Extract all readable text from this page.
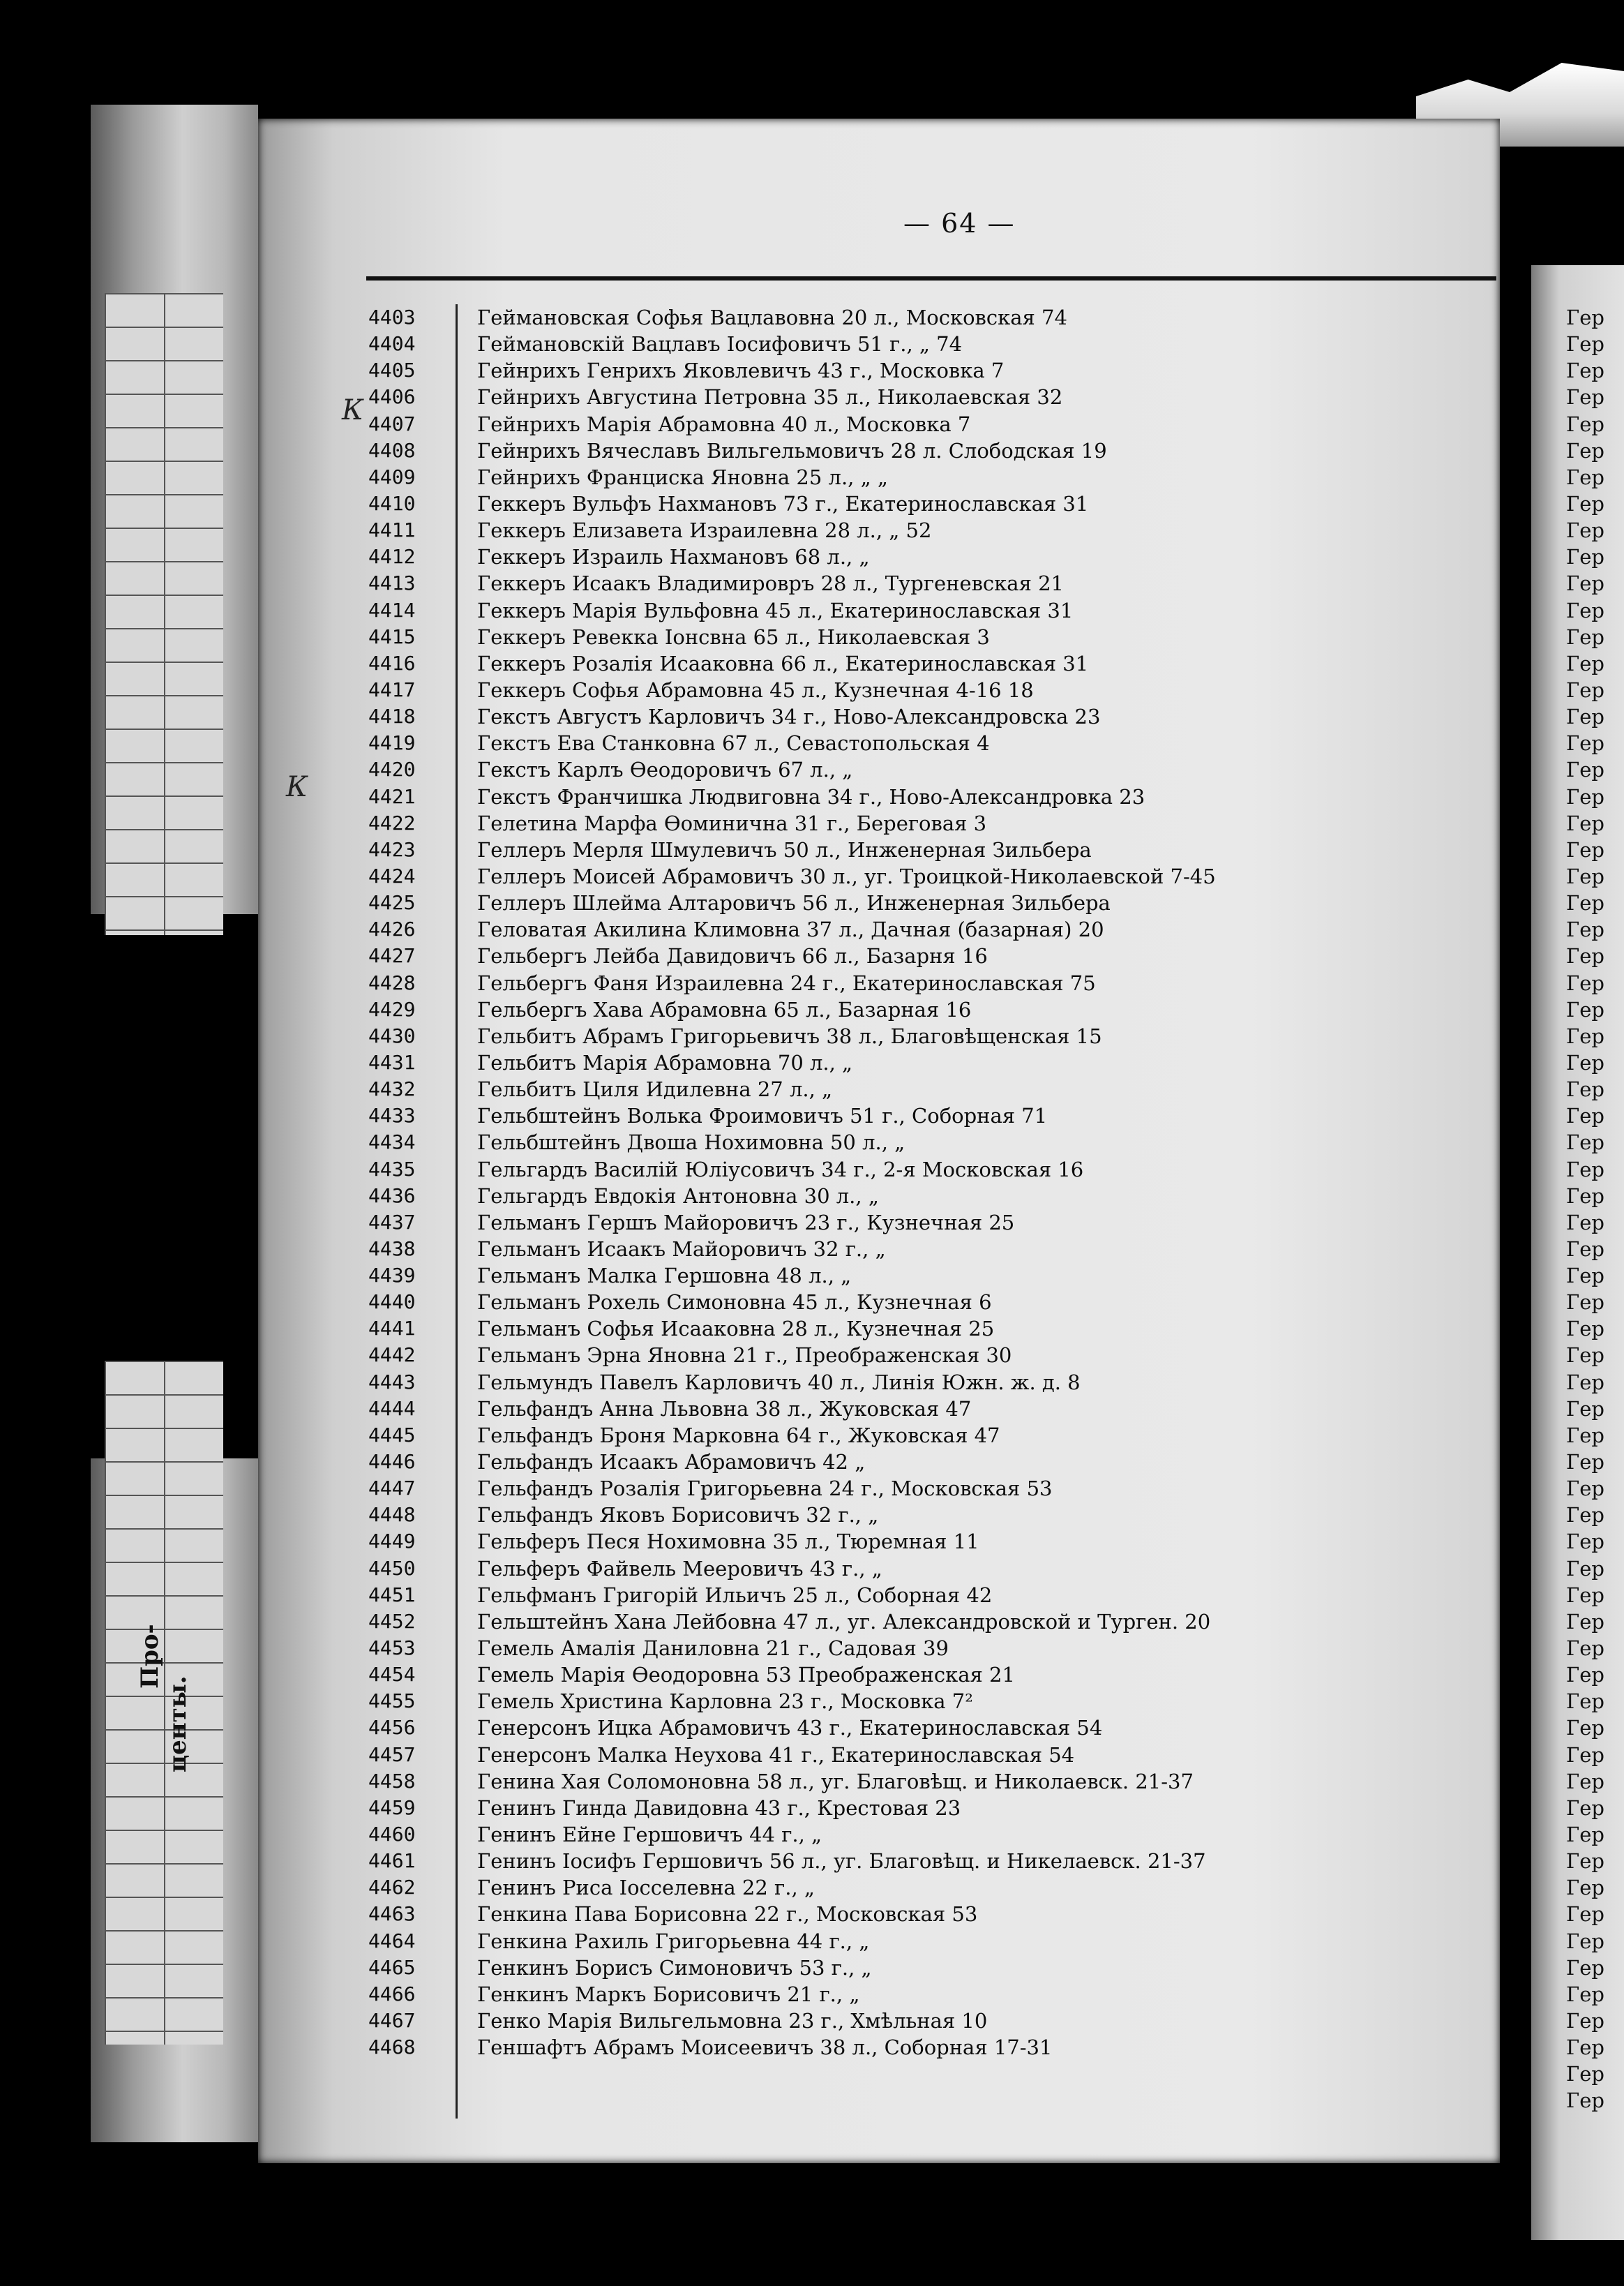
Про-
центы.
— 64 —
К
К
4403	Геймановская Софья Вацлавовна 20 л., Московская 74
4404	Геймановскій Вацлавъ Іосифовичъ 51 г., „ 74
4405	Гейнрихъ Генрихъ Яковлевичъ 43 г., Московка 7
4406	Гейнрихъ Августина Петровна 35 л., Николаевская 32
4407	Гейнрихъ Марія Абрамовна 40 л., Московка 7
4408	Гейнрихъ Вячеславъ Вильгельмовичъ 28 л. Слободская 19
4409	Гейнрихъ Франциска Яновна 25 л., „ „
4410	Геккеръ Вульфъ Нахмановъ 73 г., Екатеринославская 31
4411	Геккеръ Елизавета Израилевна 28 л., „ 52
4412	Геккеръ Израиль Нахмановъ 68 л., „
4413	Геккеръ Исаакъ Владимировръ 28 л., Тургеневская 21
4414	Геккеръ Марія Вульфовна 45 л., Екатеринославская 31
4415	Геккеръ Ревекка Іонсвна 65 л., Николаевская 3
4416	Геккеръ Розалія Исааковна 66 л., Екатеринославская 31
4417	Геккеръ Софья Абрамовна 45 л., Кузнечная 4-16 18
4418	Гекстъ Августъ Карловичъ 34 г., Ново-Александровска 23
4419	Гекстъ Ева Станковна 67 л., Севастопольская 4
4420	Гекстъ Карлъ Өеодоровичъ 67 л., „
4421	Гекстъ Франчишка Людвиговна 34 г., Ново-Александровка 23
4422	Гелетина Марфа Өоминична 31 г., Береговая 3
4423	Геллеръ Мерля Шмулевичъ 50 л., Инженерная Зильбера
4424	Геллеръ Моисей Абрамовичъ 30 л., уг. Троицкой-Николаевской 7-45
4425	Геллеръ Шлейма Алтаровичъ 56 л., Инженерная Зильбера
4426	Геловатая Акилина Климовна 37 л., Дачная (базарная) 20
4427	Гельбергъ Лейба Давидовичъ 66 л., Базарня 16
4428	Гельбергъ Фаня Израилевна 24 г., Екатеринославская 75
4429	Гельбергъ Хава Абрамовна 65 л., Базарная 16
4430	Гельбитъ Абрамъ Григорьевичъ 38 л., Благовѣщенская 15
4431	Гельбитъ Марія Абрамовна 70 л., „
4432	Гельбитъ Циля Идилевна 27 л., „
4433	Гельбштейнъ Волька Фроимовичъ 51 г., Соборная 71
4434	Гельбштейнъ Двоша Нохимовна 50 л., „
4435	Гельгардъ Василій Юліусовичъ 34 г., 2-я Московская 16
4436	Гельгардъ Евдокія Антоновна 30 л., „
4437	Гельманъ Гершъ Майоровичъ 23 г., Кузнечная 25
4438	Гельманъ Исаакъ Майоровичъ 32 г., „
4439	Гельманъ Малка Гершовна 48 л., „
4440	Гельманъ Рохель Симоновна 45 л., Кузнечная 6
4441	Гельманъ Софья Исааковна 28 л., Кузнечная 25
4442	Гельманъ Эрна Яновна 21 г., Преображенская 30
4443	Гельмундъ Павелъ Карловичъ 40 л., Линія Южн. ж. д. 8
4444	Гельфандъ Анна Львовна 38 л., Жуковская 47
4445	Гельфандъ Броня Марковна 64 г., Жуковская 47
4446	Гельфандъ Исаакъ Абрамовичъ 42 „
4447	Гельфандъ Розалія Григорьевна 24 г., Московская 53
4448	Гельфандъ Яковъ Борисовичъ 32 г., „
4449	Гельферъ Песя Нохимовна 35 л., Тюремная 11
4450	Гельферъ Файвель Мееровичъ 43 г., „
4451	Гельфманъ Григорій Ильичъ 25 л., Соборная 42
4452	Гельштейнъ Хана Лейбовна 47 л., уг. Александровской и Турген. 20
4453	Гемель Амалія Даниловна 21 г., Садовая 39
4454	Гемель Марія Өеодоровна 53 Преображенская 21
4455	Гемель Христина Карловна 23 г., Московка 7²
4456	Генерсонъ Ицка Абрамовичъ 43 г., Екатеринославская 54
4457	Генерсонъ Малка Неухова 41 г., Екатеринославская 54
4458	Генина Хая Соломоновна 58 л., уг. Благовѣщ. и Николаевск. 21-37
4459	Генинъ Гинда Давидовна 43 г., Крестовая 23
4460	Генинъ Ейне Гершовичъ 44 г., „
4461	Генинъ Іосифъ Гершовичъ 56 л., уг. Благовѣщ. и Никелаевск. 21-37
4462	Генинъ Риса Іосселевна 22 г., „
4463	Генкина Пава Борисовна 22 г., Московская 53
4464	Генкина Рахиль Григорьевна 44 г., „
4465	Генкинъ Борисъ Симоновичъ 53 г., „
4466	Генкинъ Маркъ Борисовичъ 21 г., „
4467	Генко Марія Вильгельмовна 23 г., Хмѣльная 10
4468	Геншафтъ Абрамъ Моисеевичъ 38 л., Соборная 17-31
Гер
Гер
Гер
Гер
Гер
Гер
Гер
Гер
Гер
Гер
Гер
Гер
Гер
Гер
Гер
Гер
Гер
Гер
Гер
Гер
Гер
Гер
Гер
Гер
Гер
Гер
Гер
Гер
Гер
Гер
Гер
Гер
Гер
Гер
Гер
Гер
Гер
Гер
Гер
Гер
Гер
Гер
Гер
Гер
Гер
Гер
Гер
Гер
Гер
Гер
Гер
Гер
Гер
Гер
Гер
Гер
Гер
Гер
Гер
Гер
Гер
Гер
Гер
Гер
Гер
Гер
Гер
Гер
